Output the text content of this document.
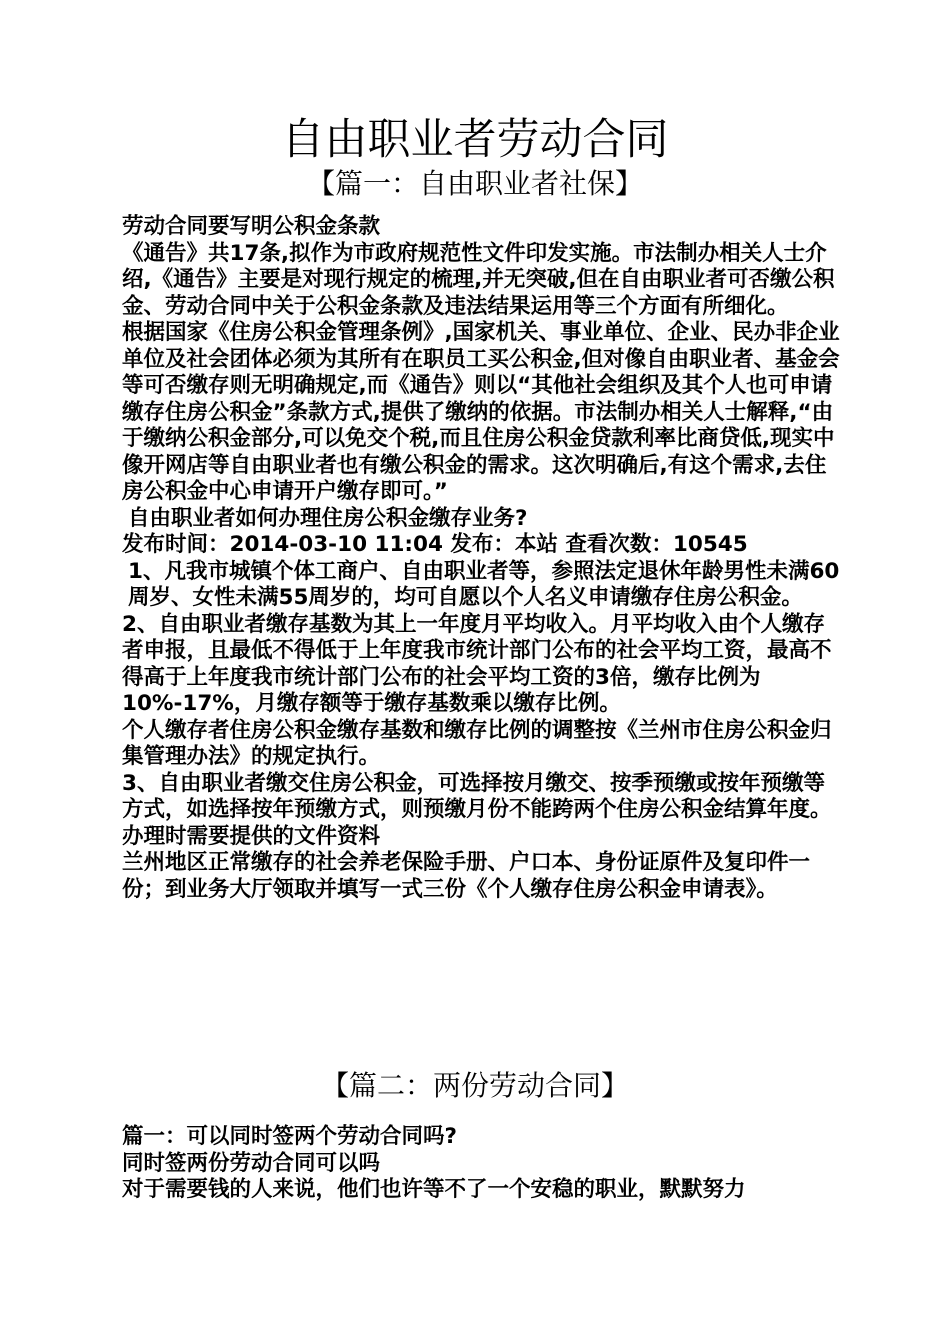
自由职业者劳动合同
【篇一：自由职业者社保】

劳动合同要写明公积金条款

《通告》共17条,拟作为市政府规范性文件印发实施。市法制办相关人士介绍,《通告》主要是对现行规定的梳理,并无突破,但在自由职业者可否缴公积金、劳动合同中关于公积金条款及违法结果运用等三个方面有所细化。

根据国家《住房公积金管理条例》,国家机关、事业单位、企业、民办非企业单位及社会团体必须为其所有在职员工买公积金,但对像自由职业者、基金会等可否缴存则无明确规定,而《通告》则以“其他社会组织及其个人也可申请缴存住房公积金”条款方式,提供了缴纳的依据。市法制办相关人士解释,“由于缴纳公积金部分,可以免交个税,而且住房公积金贷款利率比商贷低,现实中像开网店等自由职业者也有缴公积金的需求。这次明确后,有这个需求,去住房公积金中心申请开户缴存即可。”

自由职业者如何办理住房公积金缴存业务?

发布时间：2014-03-10 11:04 发布：本站 查看次数：10545

1、凡我市城镇个体工商户、自由职业者等，参照法定退休年龄男性未满60周岁、女性未满55周岁的，均可自愿以个人名义申请缴存住房公积金。

2、自由职业者缴存基数为其上一年度月平均收入。月平均收入由个人缴存者申报，且最低不得低于上年度我市统计部门公布的社会平均工资，最高不得高于上年度我市统计部门公布的社会平均工资的3倍，缴存比例为10%-17%，月缴存额等于缴存基数乘以缴存比例。

个人缴存者住房公积金缴存基数和缴存比例的调整按《兰州市住房公积金归集管理办法》的规定执行。

3、自由职业者缴交住房公积金，可选择按月缴交、按季预缴或按年预缴等方式，如选择按年预缴方式，则预缴月份不能跨两个住房公积金结算年度。

办理时需要提供的文件资料

兰州地区正常缴存的社会养老保险手册、户口本、身份证原件及复印件一份；到业务大厅领取并填写一式三份《个人缴存住房公积金申请表》。

【篇二：两份劳动合同】

篇一：可以同时签两个劳动合同吗?

同时签两份劳动合同可以吗

对于需要钱的人来说，他们也许等不了一个安稳的职业，默默努力
